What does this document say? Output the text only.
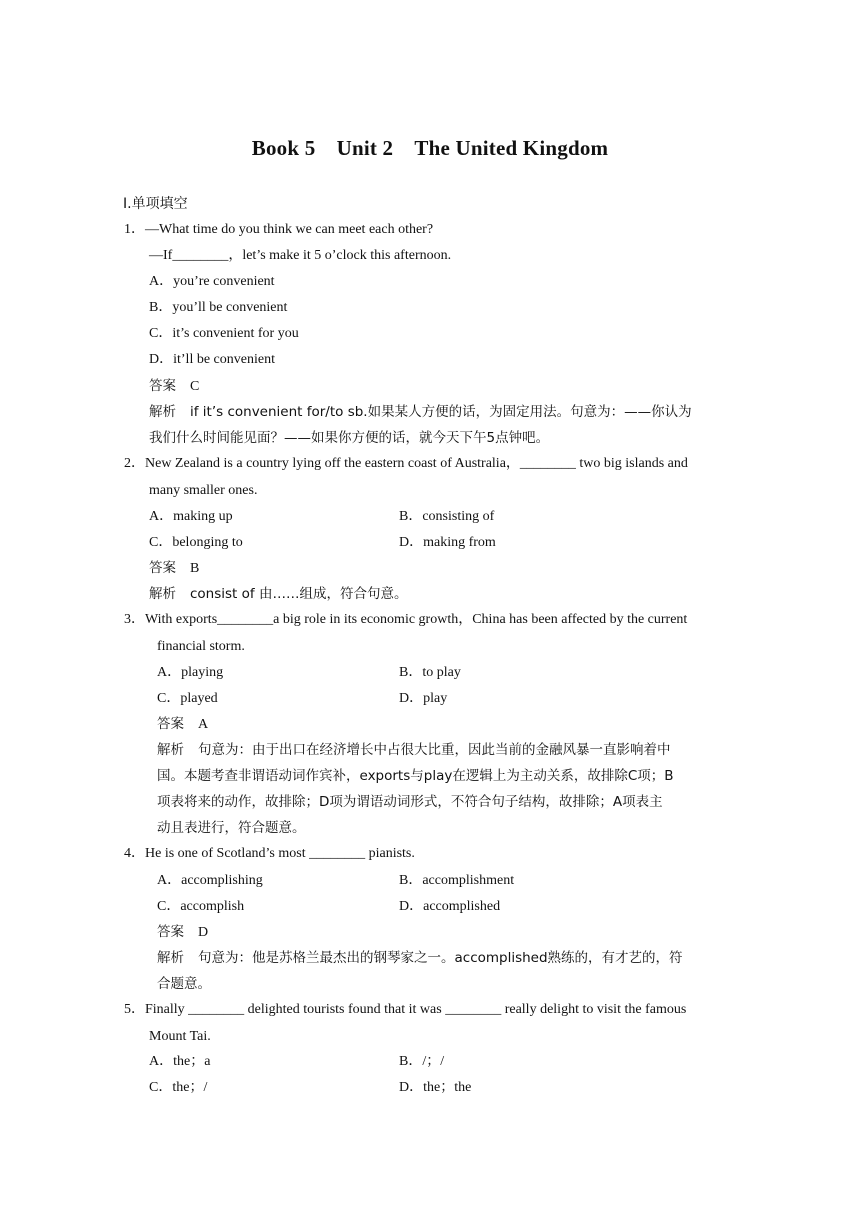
Book 5　Unit 2　The United Kingdom
Ⅰ.单项填空
1．—What time do you think we can meet each other?
—If________，let’s make it 5 o’clock this afternoon.
A．you’re convenient
B．you’ll be convenient
C．it’s convenient for you
D．it’ll be convenient
答案 C
解析 if it’s convenient for/to sb.如果某人方便的话，为固定用法。句意为：——你认为
我们什么时间能见面？——如果你方便的话，就今天下午5点钟吧。
2．New Zealand is a country lying off the eastern coast of Australia，________ two big islands and
many smaller ones.
A．making up	B．consisting of
C．belonging to	D．making from
答案 B
解析 consist of 由……组成，符合句意。
3．With exports________a big role in its economic growth，China has been affected by the current
financial storm.
A．playing	B．to play
C．played	D．play
答案 A
解析 句意为：由于出口在经济增长中占很大比重，因此当前的金融风暴一直影响着中
国。本题考查非谓语动词作宾补，exports与play在逻辑上为主动关系，故排除C项；B
项表将来的动作，故排除；D项为谓语动词形式，不符合句子结构，故排除；A项表主
动且表进行，符合题意。
4．He is one of Scotland’s most ________ pianists.
A．accomplishing	B．accomplishment
C．accomplish	D．accomplished
答案 D
解析 句意为：他是苏格兰最杰出的钢琴家之一。accomplished熟练的，有才艺的，符
合题意。
5．Finally ________ delighted tourists found that it was ________ really delight to visit the famous
Mount Tai.
A．the；a	B．/；/
C．the；/	D．the；the
